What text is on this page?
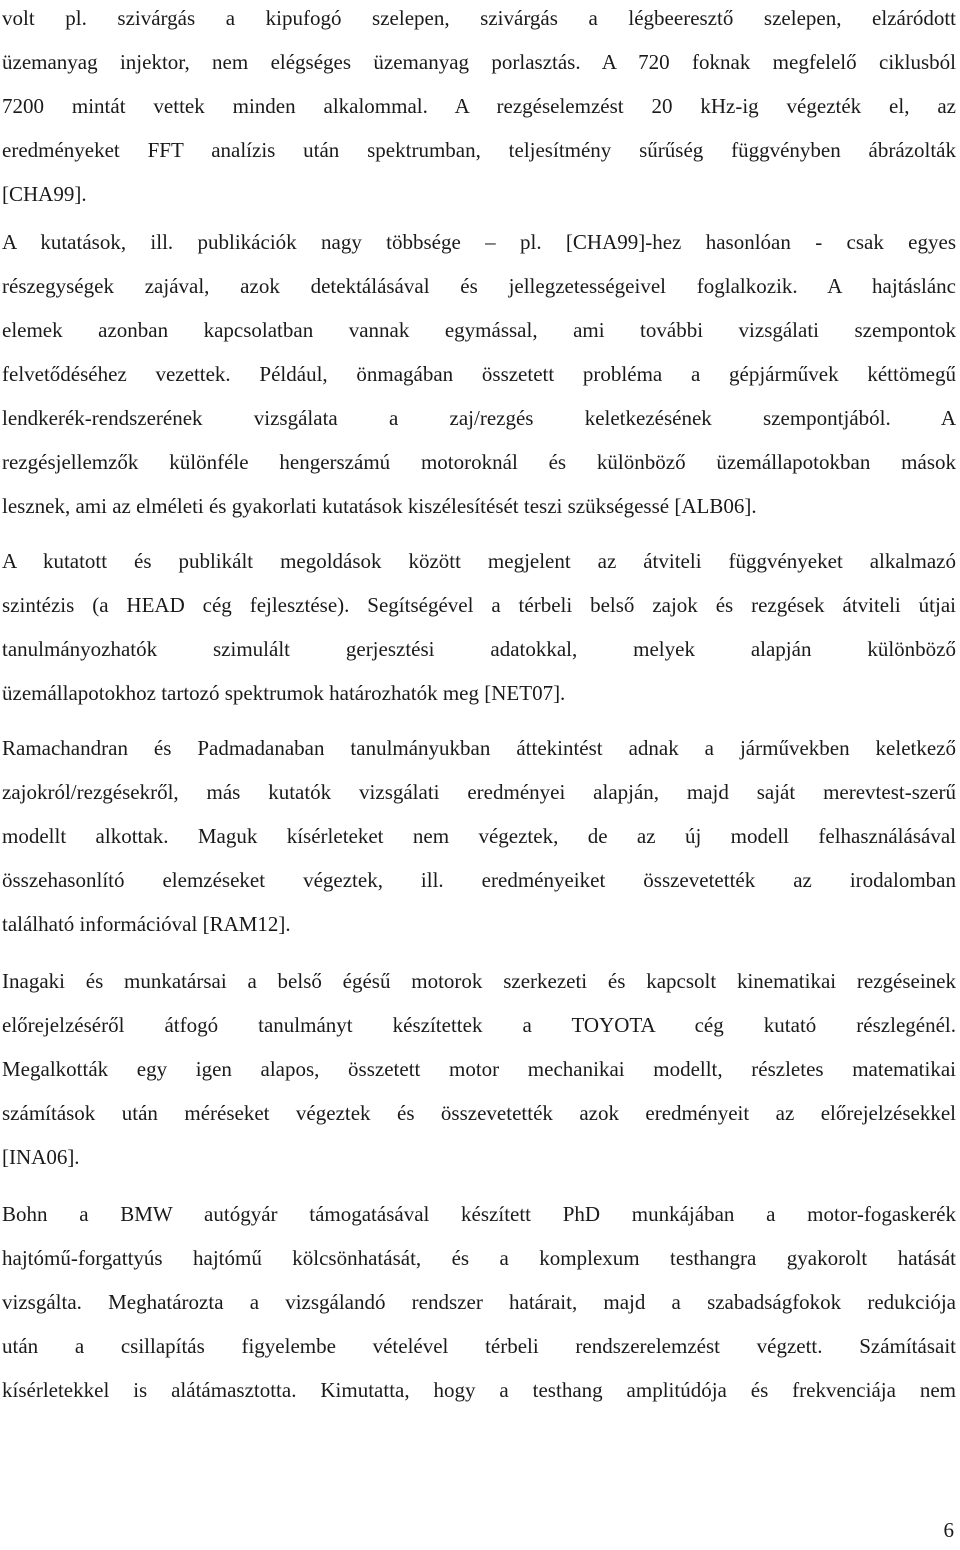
volt pl. szivárgás a kipufogó szelepen, szivárgás a légbeeresztő szelepen, elzáródott
üzemanyag injektor, nem elégséges üzemanyag porlasztás. A 720 foknak megfelelő ciklusból
7200 mintát vettek minden alkalommal. A rezgéselemzést 20 kHz-ig végezték el, az
eredményeket FFT analízis után spektrumban, teljesítmény sűrűség függvényben ábrázolták
[CHA99].
A kutatások, ill. publikációk nagy többsége – pl. [CHA99]-hez hasonlóan - csak egyes
részegységek zajával, azok detektálásával és jellegzetességeivel foglalkozik. A hajtáslánc
elemek azonban kapcsolatban vannak egymással, ami további vizsgálati szempontok
felvetődéséhez vezettek. Például, önmagában összetett probléma a gépjárművek kéttömegű
lendkerék-rendszerének vizsgálata a zaj/rezgés keletkezésének szempontjából. A
rezgésjellemzők különféle hengerszámú motoroknál és különböző üzemállapotokban mások
lesznek, ami az elméleti és gyakorlati kutatások kiszélesítését teszi szükségessé [ALB06].
A kutatott és publikált megoldások között megjelent az átviteli függvényeket alkalmazó
szintézis (a HEAD cég fejlesztése). Segítségével a térbeli belső zajok és rezgések átviteli útjai
tanulmányozhatók szimulált gerjesztési adatokkal, melyek alapján különböző
üzemállapotokhoz tartozó spektrumok határozhatók meg [NET07].
Ramachandran és Padmadanaban tanulmányukban áttekintést adnak a járművekben keletkező
zajokról/rezgésekről, más kutatók vizsgálati eredményei alapján, majd saját merevtest-szerű
modellt alkottak. Maguk kísérleteket nem végeztek, de az új modell felhasználásával
összehasonlító elemzéseket végeztek, ill. eredményeiket összevetették az irodalomban
található információval [RAM12].
Inagaki és munkatársai a belső égésű motorok szerkezeti és kapcsolt kinematikai rezgéseinek
előrejelzéséről átfogó tanulmányt készítettek a TOYOTA cég kutató részlegénél.
Megalkották egy igen alapos, összetett motor mechanikai modellt, részletes matematikai
számítások után méréseket végeztek és összevetették azok eredményeit az előrejelzésekkel
[INA06].
Bohn a BMW autógyár támogatásával készített PhD munkájában a motor-fogaskerék
hajtómű-forgattyús hajtómű kölcsönhatását, és a komplexum testhangra gyakorolt hatását
vizsgálta. Meghatározta a vizsgálandó rendszer határait, majd a szabadságfokok redukciója
után a csillapítás figyelembe vételével térbeli rendszerelemzést végzett. Számításait
kísérletekkel is alátámasztotta. Kimutatta, hogy a testhang amplitúdója és frekvenciája nem
6
